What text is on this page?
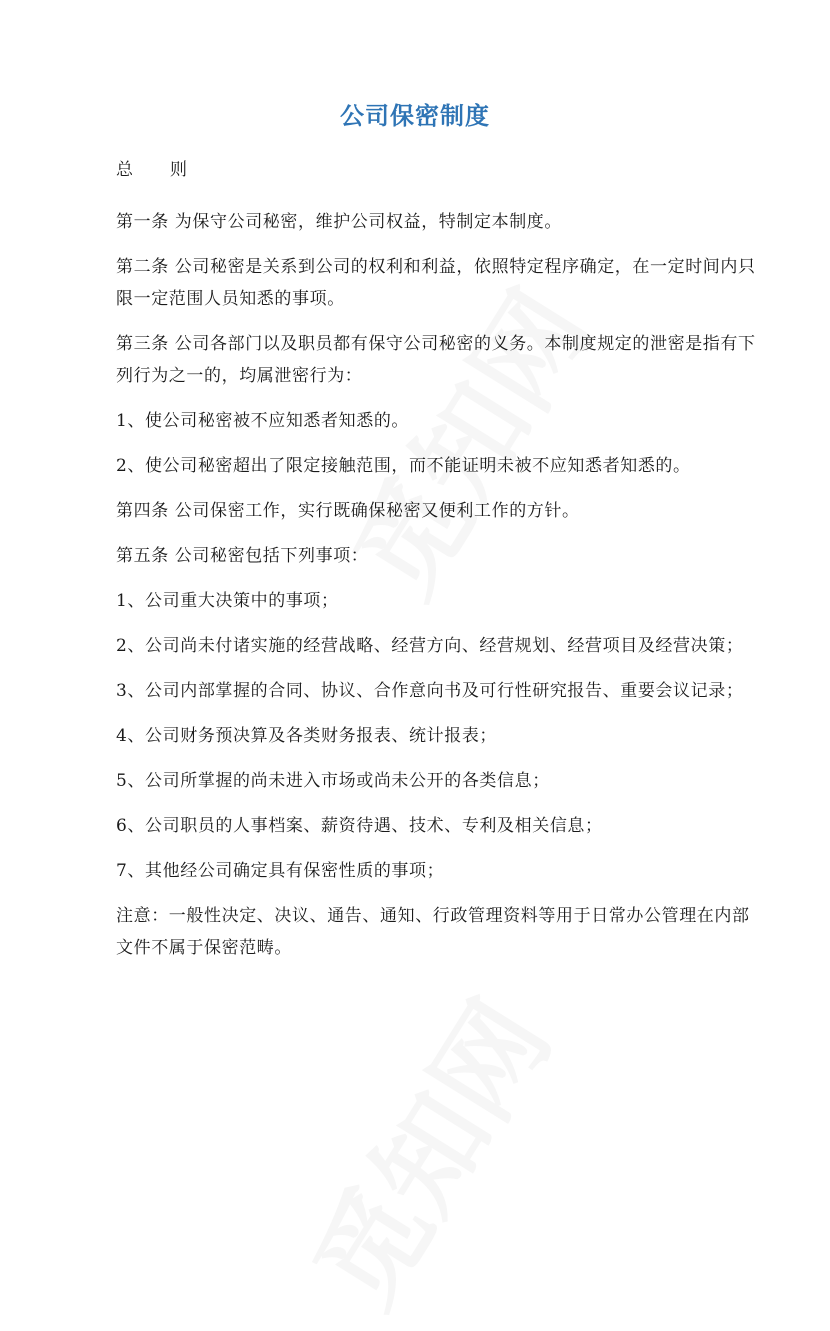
公司保密制度
总 则

第一条 为保守公司秘密，维护公司权益，特制定本制度。

第二条 公司秘密是关系到公司的权利和利益，依照特定程序确定，在一定时间内只限一定范围人员知悉的事项。

第三条 公司各部门以及职员都有保守公司秘密的义务。本制度规定的泄密是指有下列行为之一的，均属泄密行为：

1、使公司秘密被不应知悉者知悉的。

2、使公司秘密超出了限定接触范围，而不能证明未被不应知悉者知悉的。

第四条 公司保密工作，实行既确保秘密又便利工作的方针。

第五条 公司秘密包括下列事项：

1、公司重大决策中的事项；

2、公司尚未付诸实施的经营战略、经营方向、经营规划、经营项目及经营决策；

3、公司内部掌握的合同、协议、合作意向书及可行性研究报告、重要会议记录；

4、公司财务预决算及各类财务报表、统计报表；

5、公司所掌握的尚未进入市场或尚未公开的各类信息；

6、公司职员的人事档案、薪资待遇、技术、专利及相关信息；

7、其他经公司确定具有保密性质的事项；

注意：一般性决定、决议、通告、通知、行政管理资料等用于日常办公管理在内部文件不属于保密范畴。
